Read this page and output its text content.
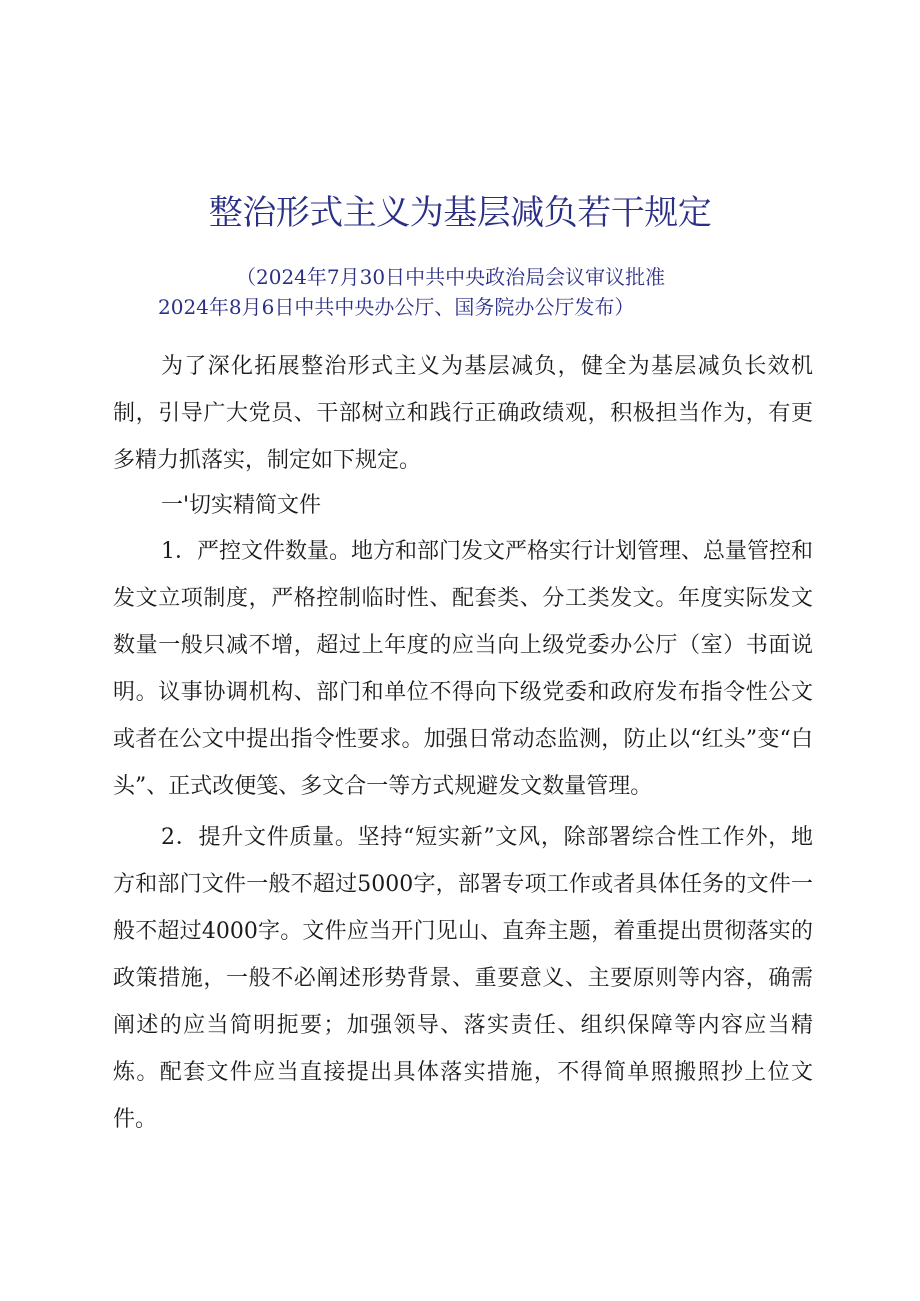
整治形式主义为基层减负若干规定
（2024年7月30日中共中央政治局会议审议批准
2024年8月6日中共中央办公厅、国务院办公厅发布）

为了深化拓展整治形式主义为基层减负，健全为基层减负长效机制，引导广大党员、干部树立和践行正确政绩观，积极担当作为，有更多精力抓落实，制定如下规定。

一'切实精简文件

1．严控文件数量。地方和部门发文严格实行计划管理、总量管控和发文立项制度，严格控制临时性、配套类、分工类发文。年度实际发文数量一般只减不增，超过上年度的应当向上级党委办公厅（室）书面说明。议事协调机构、部门和单位不得向下级党委和政府发布指令性公文或者在公文中提出指令性要求。加强日常动态监测，防止以“红头”变“白头”、正式改便笺、多文合一等方式规避发文数量管理。

2．提升文件质量。坚持“短实新”文风，除部署综合性工作外，地方和部门文件一般不超过5000字，部署专项工作或者具体任务的文件一般不超过4000字。文件应当开门见山、直奔主题，着重提出贯彻落实的政策措施，一般不必阐述形势背景、重要意义、主要原则等内容，确需阐述的应当简明扼要；加强领导、落实责任、组织保障等内容应当精炼。配套文件应当直接提出具体落实措施，不得简单照搬照抄上位文件。
